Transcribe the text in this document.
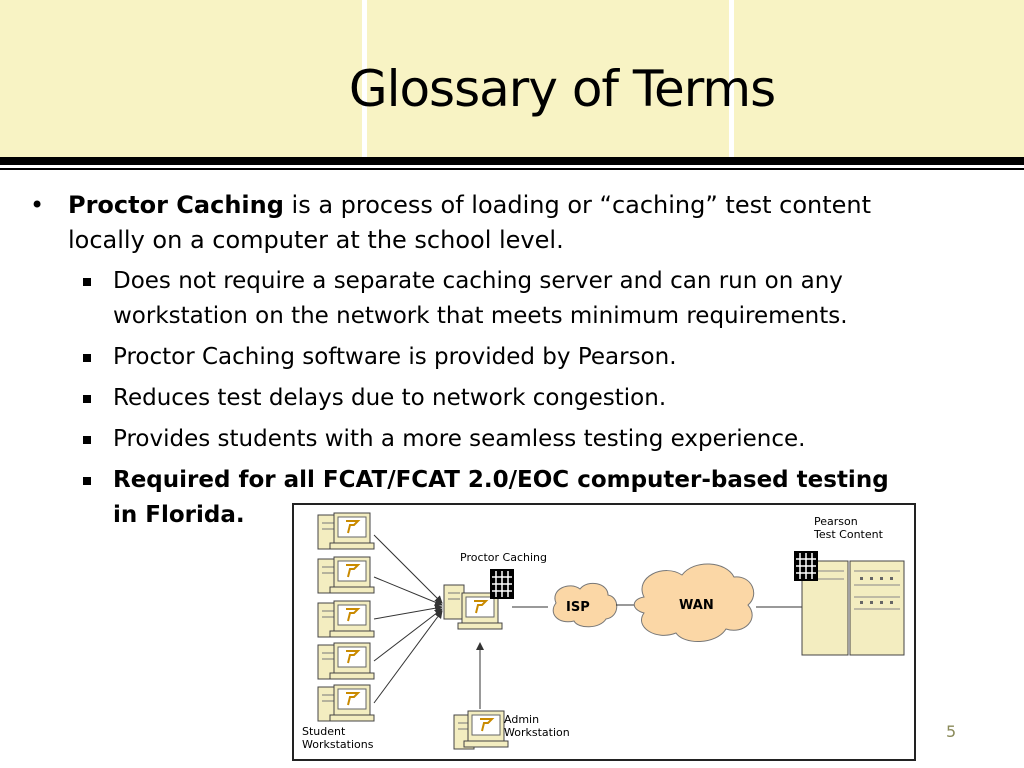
Glossary of Terms
• Proctor Caching is a process of loading or “caching” test content
locally on a computer at the school level.
Does not require a separate caching server and can run on any
workstation on the network that meets minimum requirements.
Proctor Caching software is provided by Pearson.
Reduces test delays due to network congestion.
Provides students with a more seamless testing experience.
Required for all FCAT/FCAT 2.0/EOC computer-based testing
in Florida.
Proctor Caching
ISP	WAN
Pearson
Test Content
Admin
Workstation
Student
Workstations
5
